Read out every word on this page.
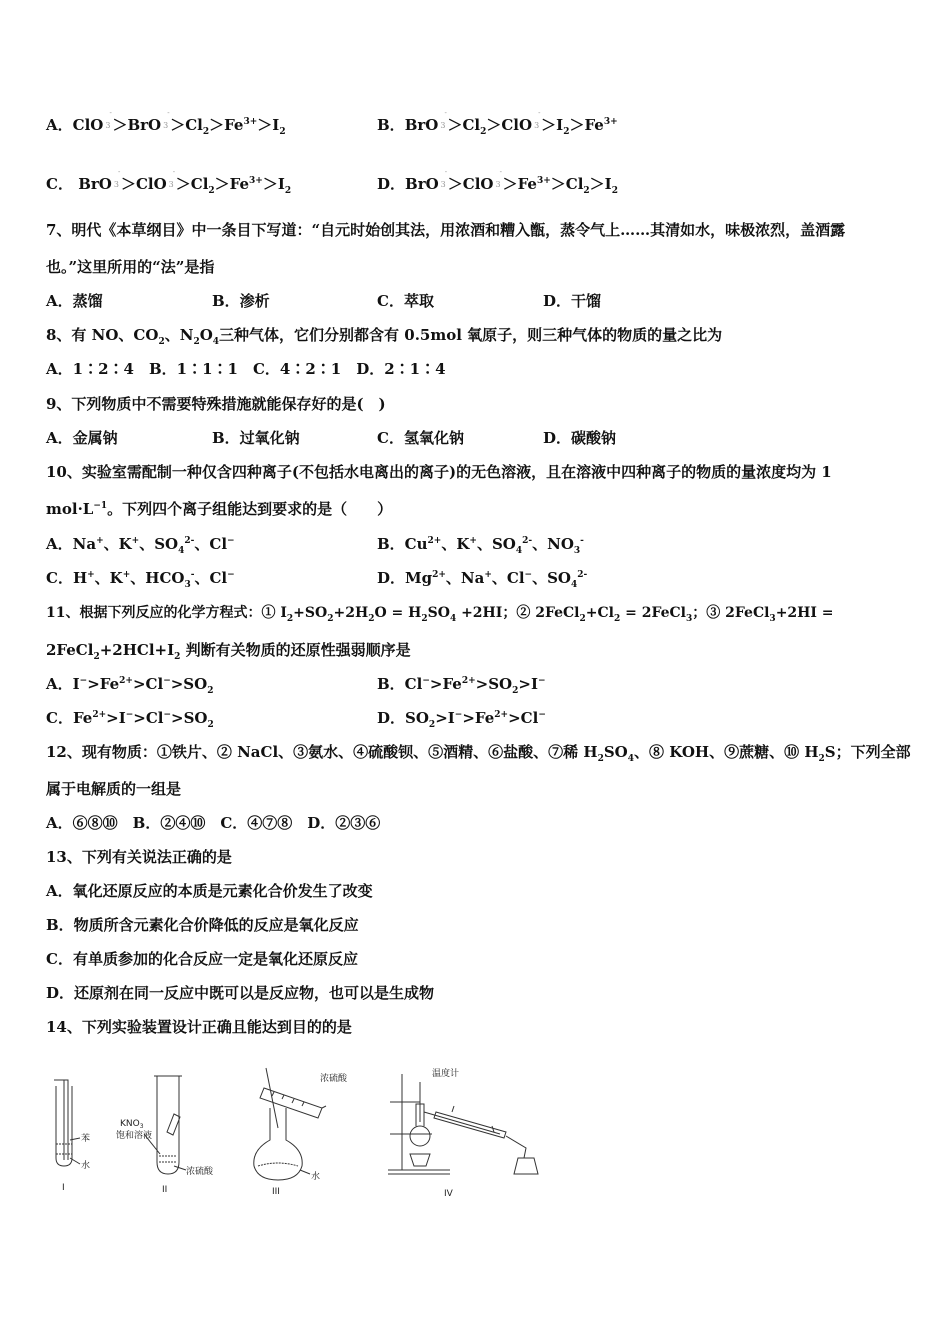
A．ClO 3
-
＞BrO 3
-
$>Cl_2>Fe^{3+}>I_2$	B．BrO 3
-
$>Cl_2>ClO$ 3
-
$>I_2>Fe^{3+}$
C． BrO 3
-
＞ClO 3
-
$>Cl_2>Fe^{3+}>I_2$	D．BrO 3
-
＞ClO 3
-
$>Fe^{3+}>Cl_2>I_2$
7、明代《本草纲目》中一条目下写道：“自元时始创其法，用浓酒和糟入甑，蒸令气上……其清如水，味极浓烈，盖酒露
也。”这里所用的“法”是指
A．蒸馏	B．渗析	C．萃取	D．干馏
8、有 NO、$CO_2$、$N_2O_4$三种气体，它们分别都含有 0.5mol 氧原子，则三种气体的物质的量之比为
A．1∶2∶4　B．1∶1∶1　C．4∶2∶1　D．2∶1∶4
9、下列物质中不需要特殊措施就能保存好的是(　)
A．金属钠	B．过氧化钠	C．氢氧化钠	D．碳酸钠
10、实验室需配制一种仅含四种离子(不包括水电离出的离子)的无色溶液，且在溶液中四种离子的物质的量浓度均为 1
$mol\cdot L^{-1}$。下列四个离子组能达到要求的是（　　）
A．Na+、K+、$SO_4^{2-}$、Cl−	B．$Cu^{2+}$、K+、$SO_4^{2-}$、$NO_3^-$
C．H+、K+、$HCO_3^-$、Cl−	D．$Mg^{2+}$、Na+、Cl−、$SO_4^{2-}$
11、根据下列反应的化学方程式：① $I_2+SO_2+2H_2O = H_2SO_4 +2HI$；② $2FeCl_2+Cl_2$ = 2FeCl$_3$；③ 2FeCl$_3$+2HI =
$2FeCl_2+2HCl+I_2$ 判断有关物质的还原性强弱顺序是
A．$I^->Fe^{2+}>Cl^->SO_2$	B．$Cl^->Fe^{2+}>SO_2>I^-$
C．$Fe^{2+}>I^->Cl^->SO_2$	D．$SO_2>I^->Fe^{2+}>Cl^-$
12、现有物质：①铁片、② NaCl、③氨水、④硫酸钡、⑤酒精、⑥盐酸、⑦稀 $H_2SO_4$、⑧ KOH、⑨蔗糖、⑩ $H_2S$；下列全部
属于电解质的一组是
A．⑥⑧⑩　B．②④⑩　C．④⑦⑧　D．②③⑥
13、下列有关说法正确的是
A．氧化还原反应的本质是元素化合价发生了改变
B．物质所含元素化合价降低的反应是氧化反应
C．有单质参加的化合反应一定是氧化还原反应
D．还原剂在同一反应中既可以是反应物，也可以是生成物
14、下列实验装置设计正确且能达到目的的是
苯
水
I
$KNO_3$
饱和溶液
浓硫酸
II
浓硫酸
水
III
温度计
IV
